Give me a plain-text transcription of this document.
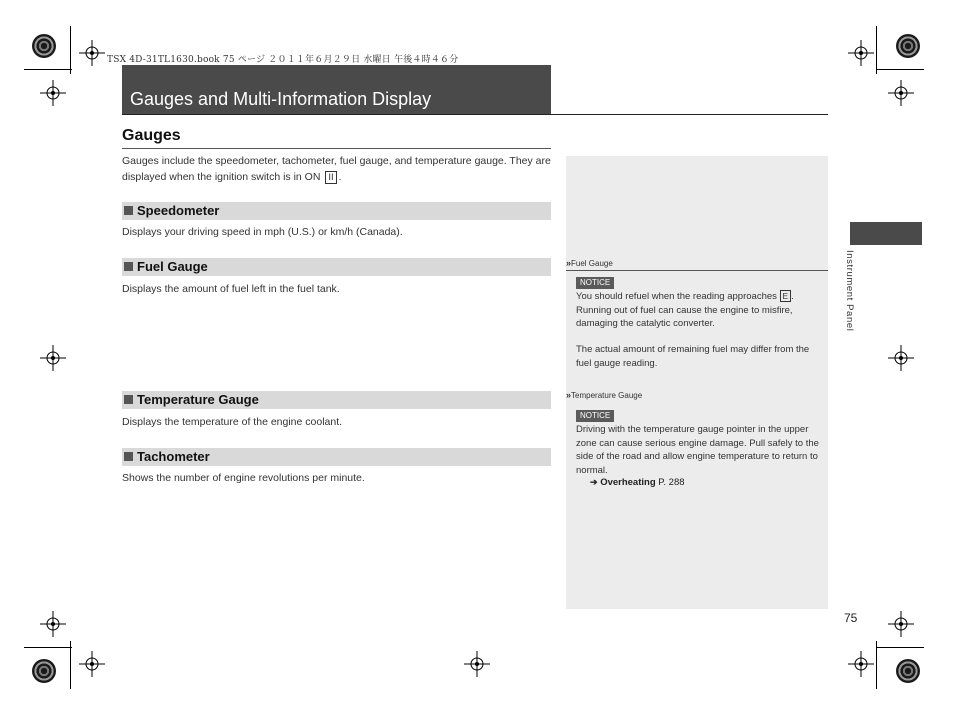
TSX 4D-31TL1630.book 75 ページ ２０１１年６月２９日 水曜日 午後４時４６分
Gauges and Multi-Information Display
Gauges
Gauges include the speedometer, tachometer, fuel gauge, and temperature gauge. They are displayed when the ignition switch is in ON II .
Speedometer
Displays your driving speed in mph (U.S.) or km/h (Canada).
Fuel Gauge
Displays the amount of fuel left in the fuel tank.
Temperature Gauge
Displays the temperature of the engine coolant.
Tachometer
Shows the number of engine revolutions per minute.
»Fuel Gauge
NOTICE
You should refuel when the reading approaches E . Running out of fuel can cause the engine to misfire, damaging the catalytic converter.
The actual amount of remaining fuel may differ from the fuel gauge reading.
»Temperature Gauge
NOTICE
Driving with the temperature gauge pointer in the upper zone can cause serious engine damage. Pull safely to the side of the road and allow engine temperature to return to normal.
➔ Overheating P. 288
Instrument Panel
75
